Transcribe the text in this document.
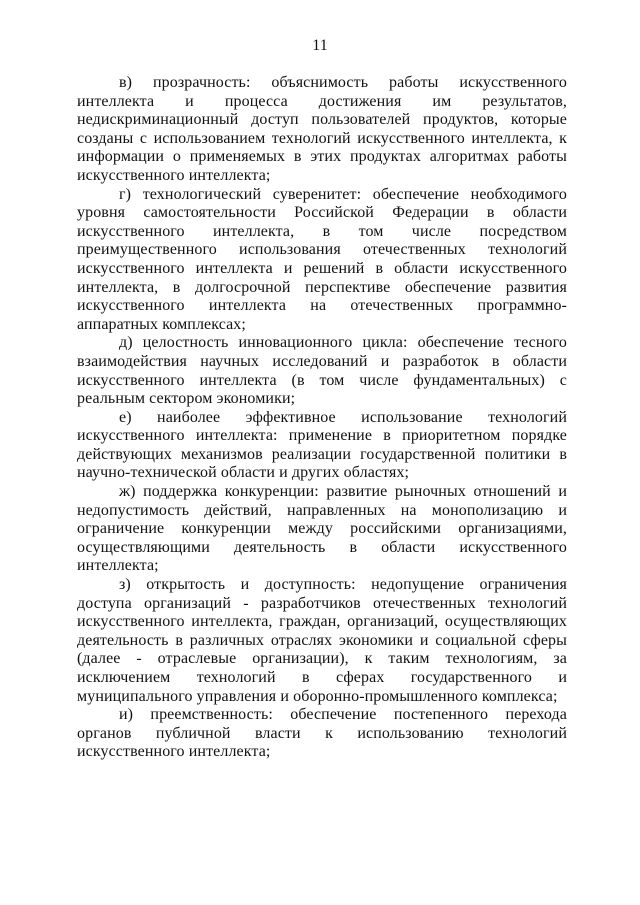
11

в) прозрачность: объяснимость работы искусственного интеллекта и процесса достижения им результатов, недискриминационный доступ пользователей продуктов, которые созданы с использованием технологий искусственного интеллекта, к информации о применяемых в этих продуктах алгоритмах работы искусственного интеллекта;

г) технологический суверенитет: обеспечение необходимого уровня самостоятельности Российской Федерации в области искусственного интеллекта, в том числе посредством преимущественного использования отечественных технологий искусственного интеллекта и решений в области искусственного интеллекта, в долгосрочной перспективе обеспечение развития искусственного интеллекта на отечественных программно-аппаратных комплексах;

д) целостность инновационного цикла: обеспечение тесного взаимодействия научных исследований и разработок в области искусственного интеллекта (в том числе фундаментальных) с реальным сектором экономики;

е) наиболее эффективное использование технологий искусственного интеллекта: применение в приоритетном порядке действующих механизмов реализации государственной политики в научно-технической области и других областях;

ж) поддержка конкуренции: развитие рыночных отношений и недопустимость действий, направленных на монополизацию и ограничение конкуренции между российскими организациями, осуществляющими деятельность в области искусственного интеллекта;

з) открытость и доступность: недопущение ограничения доступа организаций - разработчиков отечественных технологий искусственного интеллекта, граждан, организаций, осуществляющих деятельность в различных отраслях экономики и социальной сферы (далее - отраслевые организации), к таким технологиям, за исключением технологий в сферах государственного и муниципального управления и оборонно-промышленного комплекса;

и) преемственность: обеспечение постепенного перехода органов публичной власти к использованию технологий искусственного интеллекта;
